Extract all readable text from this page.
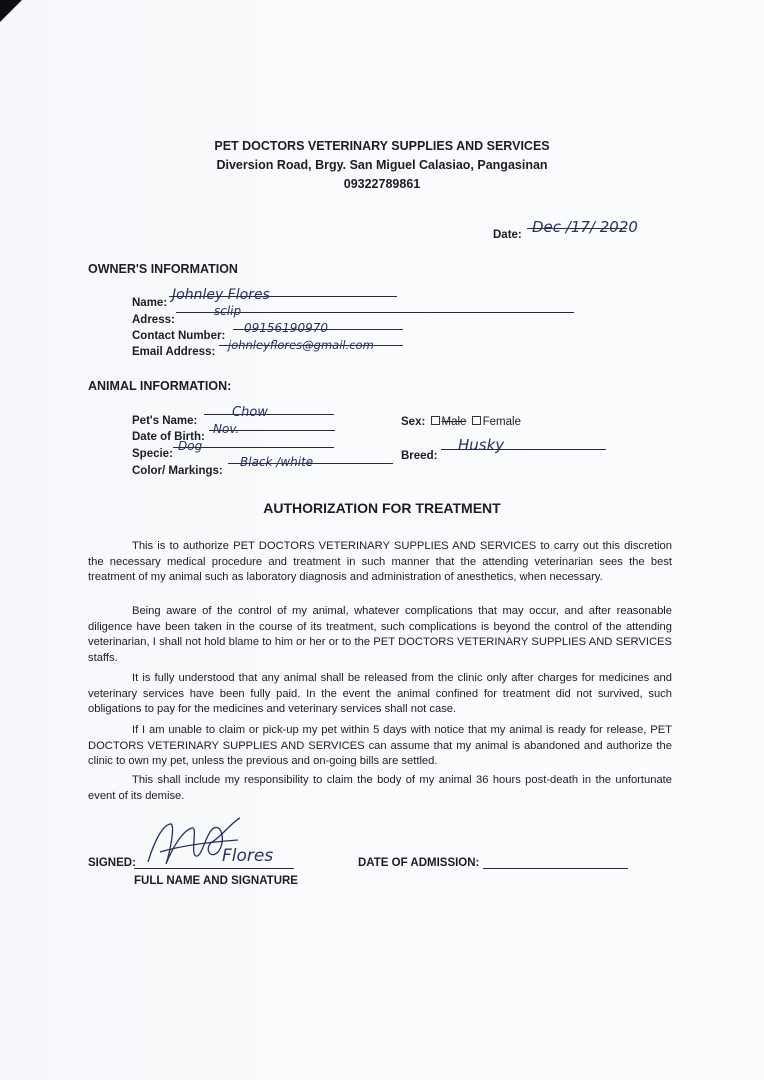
PET DOCTORS VETERINARY SUPPLIES AND SERVICES
Diversion Road, Brgy. San Miguel Calasiao, Pangasinan
09322789861
Date: Dec /17/ 2020
OWNER'S INFORMATION
Name: Johnley Flores
Adress:
sclip
Contact Number:
09156190970
Email Address: johnleyflores@gmail.com
ANIMAL INFORMATION:
Pet's Name:
Chow
Date of Birth:
Nov.
Specie:
Dog
Color/ Markings:
Black /white
Sex: Male Female
Breed:
Husky
AUTHORIZATION FOR TREATMENT

This is to authorize PET DOCTORS VETERINARY SUPPLIES AND SERVICES to carry out this discretion the necessary medical procedure and treatment in such manner that the attending veterinarian sees the best treatment of my animal such as laboratory diagnosis and administration of anesthetics, when necessary.

Being aware of the control of my animal, whatever complications that may occur, and after reasonable diligence have been taken in the course of its treatment, such complications is beyond the control of the attending veterinarian, I shall not hold blame to him or her or to the PET DOCTORS VETERINARY SUPPLIES AND SERVICES staffs.

It is fully understood that any animal shall be released from the clinic only after charges for medicines and veterinary services have been fully paid. In the event the animal confined for treatment did not survived, such obligations to pay for the medicines and veterinary services shall not case.

If I am unable to claim or pick-up my pet within 5 days with notice that my animal is ready for release, PET DOCTORS VETERINARY SUPPLIES AND SERVICES can assume that my animal is abandoned and authorize the clinic to own my pet, unless the previous and on-going bills are settled.

This shall include my responsibility to claim the body of my animal 36 hours post-death in the unfortunate event of its demise.

SIGNED:	Flores
FULL NAME AND SIGNATURE
DATE OF ADMISSION:
